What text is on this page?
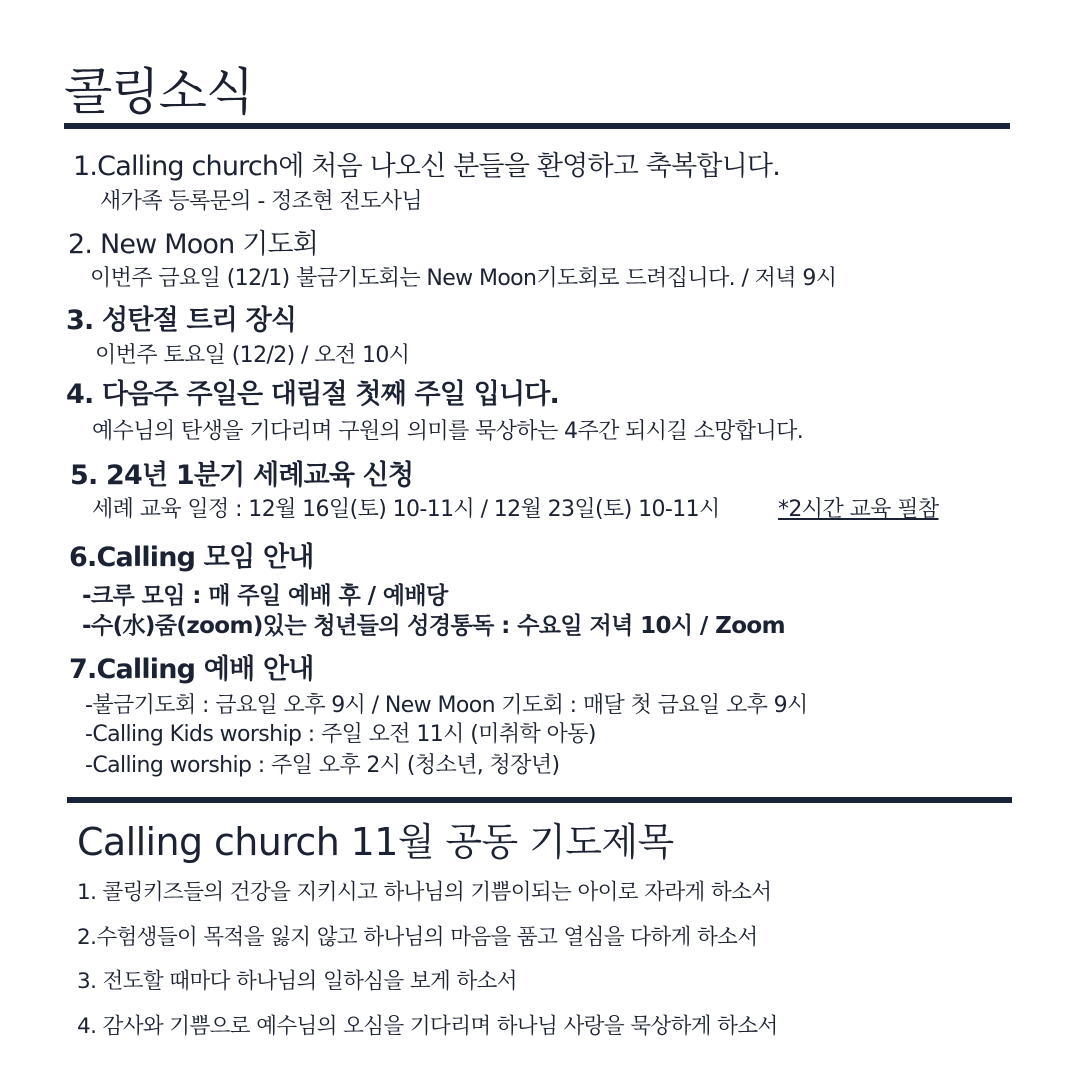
콜링소식
1.Calling church에 처음 나오신 분들을 환영하고 축복합니다.
새가족 등록문의 - 정조현 전도사님
2. New Moon 기도회
이번주 금요일 (12/1) 불금기도회는 New Moon기도회로 드려집니다. / 저녁 9시
3. 성탄절 트리 장식
이번주 토요일 (12/2) / 오전 10시
4. 다음주 주일은 대림절 첫째 주일 입니다.
예수님의 탄생을 기다리며 구원의 의미를 묵상하는 4주간 되시길 소망합니다.
5. 24년 1분기 세례교육 신청
세례 교육 일정 : 12월 16일(토) 10-11시 / 12월 23일(토) 10-11시	*2시간 교육 필참
6.Calling 모임 안내
-크루 모임 : 매 주일 예배 후 / 예배당
-수(水)줌(zoom)있는 청년들의 성경통독 : 수요일 저녁 10시 / Zoom
7.Calling 예배 안내
-불금기도회 : 금요일 오후 9시 / New Moon 기도회 : 매달 첫 금요일 오후 9시
-Calling Kids worship : 주일 오전 11시 (미취학 아동)
-Calling worship : 주일 오후 2시 (청소년, 청장년)
Calling church 11월 공동 기도제목
1. 콜링키즈들의 건강을 지키시고 하나님의 기쁨이되는 아이로 자라게 하소서
2.수험생들이 목적을 잃지 않고 하나님의 마음을 품고 열심을 다하게 하소서
3. 전도할 때마다 하나님의 일하심을 보게 하소서
4. 감사와 기쁨으로 예수님의 오심을 기다리며 하나님 사랑을 묵상하게 하소서
